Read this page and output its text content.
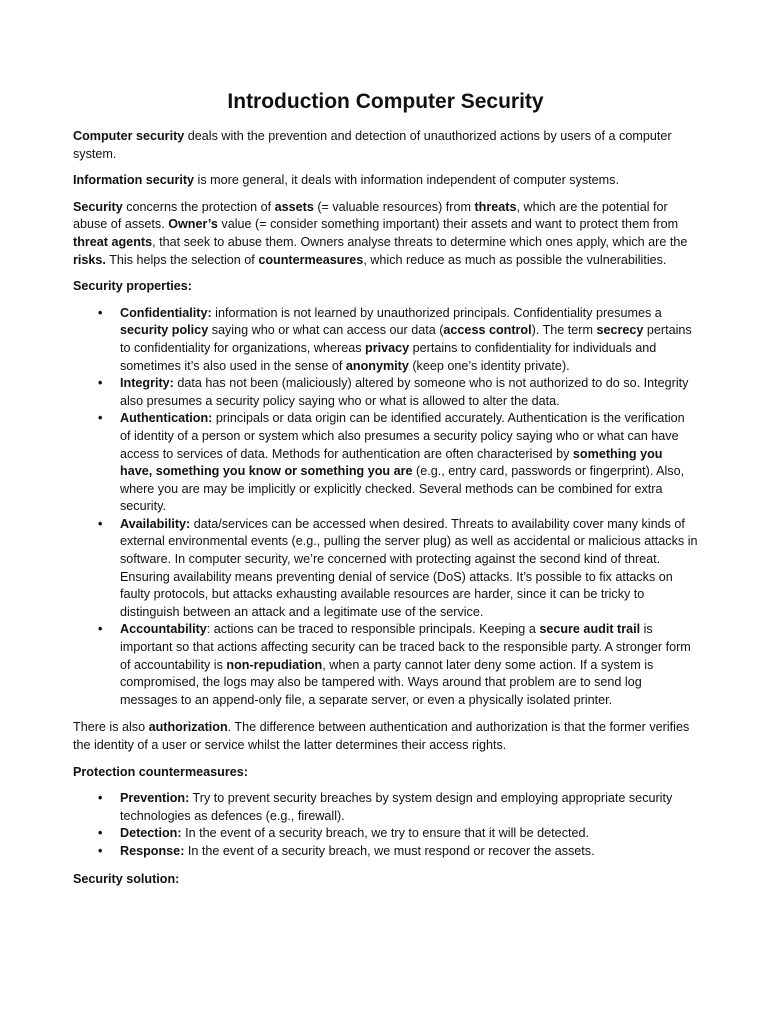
Introduction Computer Security

Computer security deals with the prevention and detection of unauthorized actions by users of a computer system.

Information security is more general, it deals with information independent of computer systems.

Security concerns the protection of assets (= valuable resources) from threats, which are the potential for abuse of assets. Owner’s value (= consider something important) their assets and want to protect them from threat agents, that seek to abuse them. Owners analyse threats to determine which ones apply, which are the risks. This helps the selection of countermeasures, which reduce as much as possible the vulnerabilities.

Security properties:

• Confidentiality: information is not learned by unauthorized principals. Confidentiality presumes a security policy saying who or what can access our data (access control). The term secrecy pertains to confidentiality for organizations, whereas privacy pertains to confidentiality for individuals and sometimes it’s also used in the sense of anonymity (keep one’s identity private).
• Integrity: data has not been (maliciously) altered by someone who is not authorized to do so. Integrity also presumes a security policy saying who or what is allowed to alter the data.
• Authentication: principals or data origin can be identified accurately. Authentication is the verification of identity of a person or system which also presumes a security policy saying who or what can have access to services of data. Methods for authentication are often characterised by something you have, something you know or something you are (e.g., entry card, passwords or fingerprint). Also, where you are may be implicitly or explicitly checked. Several methods can be combined for extra security.
• Availability: data/services can be accessed when desired. Threats to availability cover many kinds of external environmental events (e.g., pulling the server plug) as well as accidental or malicious attacks in software. In computer security, we’re concerned with protecting against the second kind of threat. Ensuring availability means preventing denial of service (DoS) attacks. It’s possible to fix attacks on faulty protocols, but attacks exhausting available resources are harder, since it can be tricky to distinguish between an attack and a legitimate use of the service.
• Accountability: actions can be traced to responsible principals. Keeping a secure audit trail is important so that actions affecting security can be traced back to the responsible party. A stronger form of accountability is non-repudiation, when a party cannot later deny some action. If a system is compromised, the logs may also be tampered with. Ways around that problem are to send log messages to an append-only file, a separate server, or even a physically isolated printer.

There is also authorization. The difference between authentication and authorization is that the former verifies the identity of a user or service whilst the latter determines their access rights.

Protection countermeasures:

• Prevention: Try to prevent security breaches by system design and employing appropriate security technologies as defences (e.g., firewall).
• Detection: In the event of a security breach, we try to ensure that it will be detected.
• Response: In the event of a security breach, we must respond or recover the assets.

Security solution:
